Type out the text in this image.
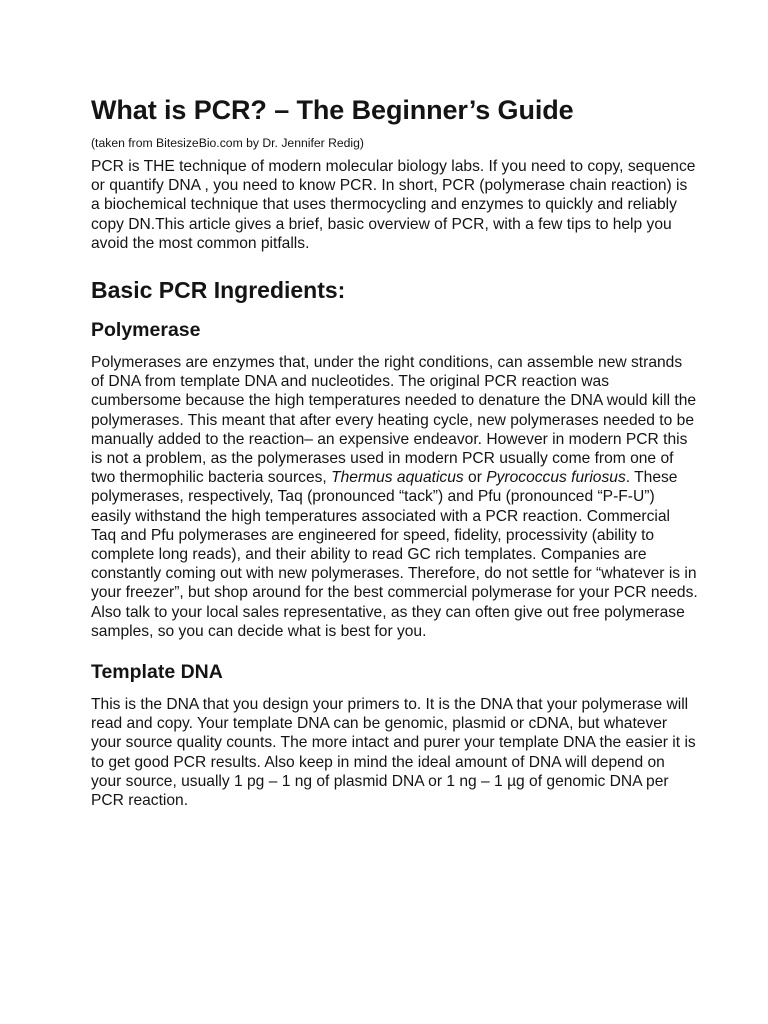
What is PCR? – The Beginner’s Guide

(taken from BitesizeBio.com by Dr. Jennifer Redig)

PCR is THE technique of modern molecular biology labs. If you need to copy, sequence or quantify DNA , you need to know PCR. In short, PCR (polymerase chain reaction) is a biochemical technique that uses thermocycling and enzymes to quickly and reliably copy DN.This article gives a brief, basic overview of PCR, with a few tips to help you avoid the most common pitfalls.

Basic PCR Ingredients:
Polymerase

Polymerases are enzymes that, under the right conditions, can assemble new strands of DNA from template DNA and nucleotides. The original PCR reaction was cumbersome because the high temperatures needed to denature the DNA would kill the polymerases. This meant that after every heating cycle, new polymerases needed to be manually added to the reaction– an expensive endeavor. However in modern PCR this is not a problem, as the polymerases used in modern PCR usually come from one of two thermophilic bacteria sources, Thermus aquaticus or Pyrococcus furiosus. These polymerases, respectively, Taq (pronounced “tack”) and Pfu (pronounced “P-F-U”) easily withstand the high temperatures associated with a PCR reaction. Commercial Taq and Pfu polymerases are engineered for speed, fidelity, processivity (ability to complete long reads), and their ability to read GC rich templates. Companies are constantly coming out with new polymerases. Therefore, do not settle for “whatever is in your freezer”, but shop around for the best commercial polymerase for your PCR needs. Also talk to your local sales representative, as they can often give out free polymerase samples, so you can decide what is best for you.

Template DNA

This is the DNA that you design your primers to. It is the DNA that your polymerase will read and copy. Your template DNA can be genomic, plasmid or cDNA, but whatever your source quality counts. The more intact and purer your template DNA the easier it is to get good PCR results. Also keep in mind the ideal amount of DNA will depend on your source, usually 1 pg – 1 ng of plasmid DNA or 1 ng – 1 µg of genomic DNA per PCR reaction.
